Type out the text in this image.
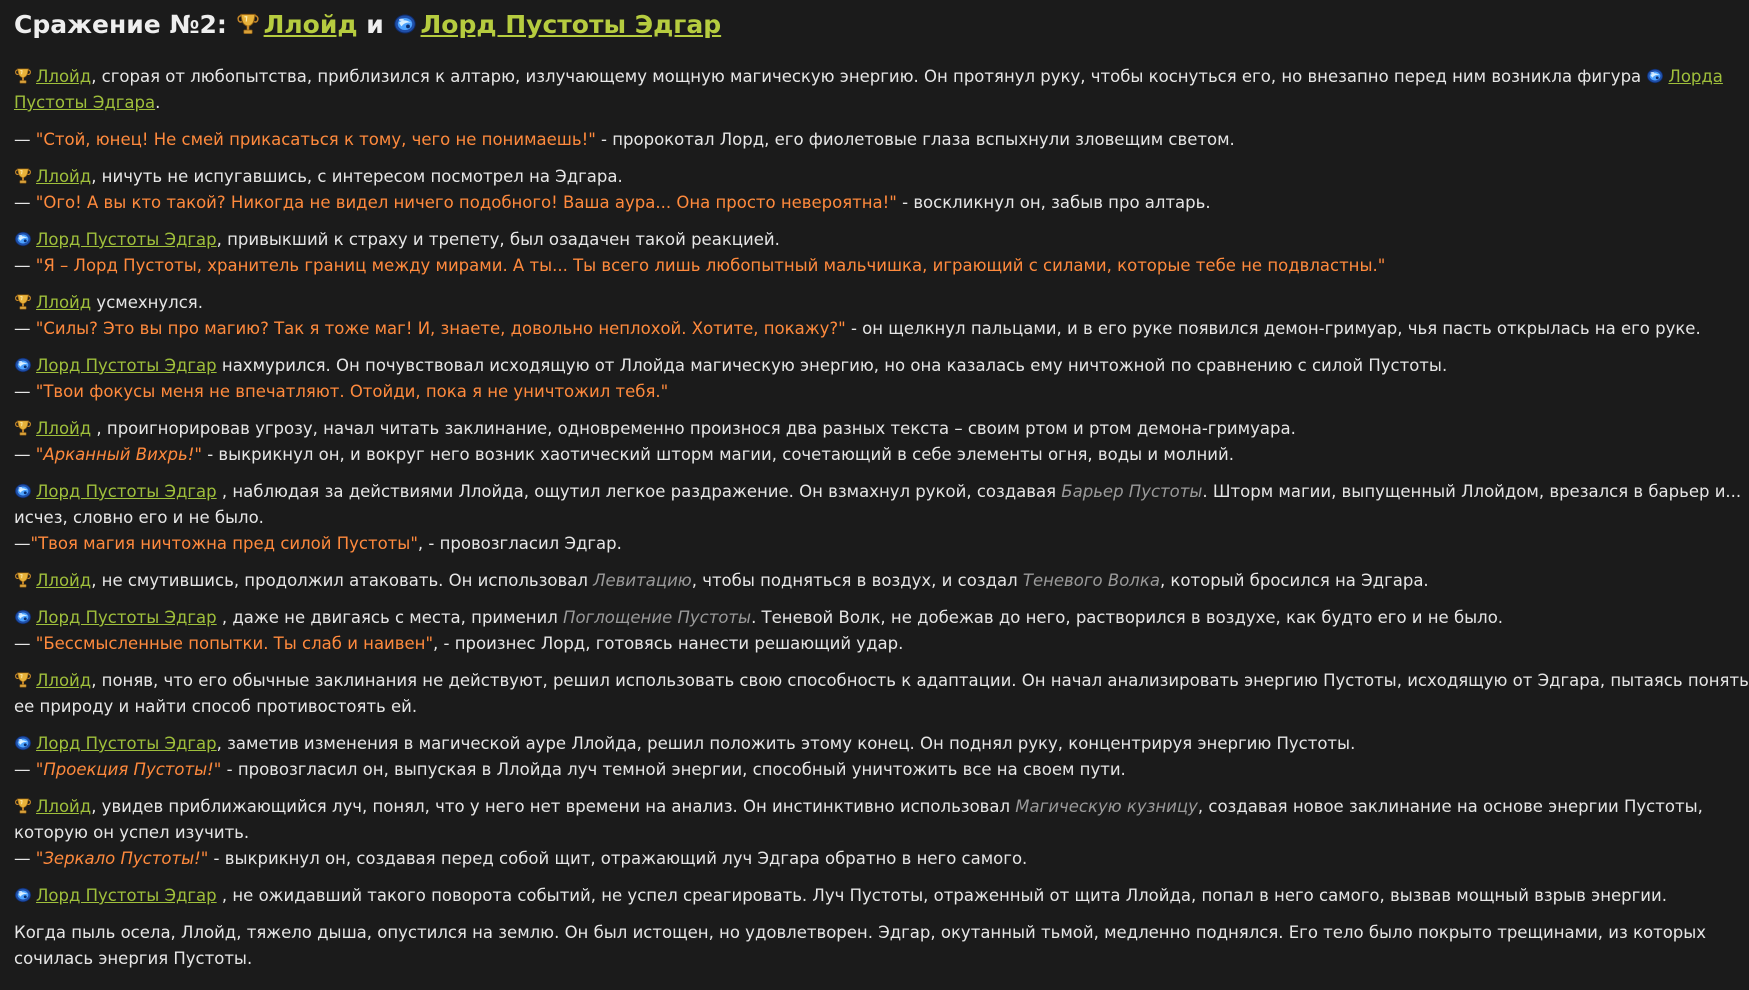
Сражение №2: Ллойд и Лорд Пустоты Эдгар
Ллойд, сгорая от любопытства, приблизился к алтарю, излучающему мощную магическую энергию. Он протянул руку, чтобы коснуться его, но внезапно перед ним возникла фигура Лорда
Пустоты Эдгара.
— "Стой, юнец! Не смей прикасаться к тому, чего не понимаешь!" - пророкотал Лорд, его фиолетовые глаза вспыхнули зловещим светом.
Ллойд, ничуть не испугавшись, с интересом посмотрел на Эдгара.
— "Ого! А вы кто такой? Никогда не видел ничего подобного! Ваша аура... Она просто невероятна!" - воскликнул он, забыв про алтарь.
Лорд Пустоты Эдгар, привыкший к страху и трепету, был озадачен такой реакцией.
— "Я – Лорд Пустоты, хранитель границ между мирами. А ты... Ты всего лишь любопытный мальчишка, играющий с силами, которые тебе не подвластны."
Ллойд усмехнулся.
— "Силы? Это вы про магию? Так я тоже маг! И, знаете, довольно неплохой. Хотите, покажу?" - он щелкнул пальцами, и в его руке появился демон-гримуар, чья пасть открылась на его руке.
Лорд Пустоты Эдгар нахмурился. Он почувствовал исходящую от Ллойда магическую энергию, но она казалась ему ничтожной по сравнению с силой Пустоты.
— "Твои фокусы меня не впечатляют. Отойди, пока я не уничтожил тебя."
Ллойд , проигнорировав угрозу, начал читать заклинание, одновременно произнося два разных текста – своим ртом и ртом демона-гримуара.
— "Арканный Вихрь!" - выкрикнул он, и вокруг него возник хаотический шторм магии, сочетающий в себе элементы огня, воды и молний.
Лорд Пустоты Эдгар , наблюдая за действиями Ллойда, ощутил легкое раздражение. Он взмахнул рукой, создавая Барьер Пустоты. Шторм магии, выпущенный Ллойдом, врезался в барьер и...
исчез, словно его и не было.
—"Твоя магия ничтожна пред силой Пустоты", - провозгласил Эдгар.
Ллойд, не смутившись, продолжил атаковать. Он использовал Левитацию, чтобы подняться в воздух, и создал Теневого Волка, который бросился на Эдгара.
Лорд Пустоты Эдгар , даже не двигаясь с места, применил Поглощение Пустоты. Теневой Волк, не добежав до него, растворился в воздухе, как будто его и не было.
— "Бессмысленные попытки. Ты слаб и наивен", - произнес Лорд, готовясь нанести решающий удар.
Ллойд, поняв, что его обычные заклинания не действуют, решил использовать свою способность к адаптации. Он начал анализировать энергию Пустоты, исходящую от Эдгара, пытаясь понять
ее природу и найти способ противостоять ей.
Лорд Пустоты Эдгар, заметив изменения в магической ауре Ллойда, решил положить этому конец. Он поднял руку, концентрируя энергию Пустоты.
— "Проекция Пустоты!" - провозгласил он, выпуская в Ллойда луч темной энергии, способный уничтожить все на своем пути.
Ллойд, увидев приближающийся луч, понял, что у него нет времени на анализ. Он инстинктивно использовал Магическую кузницу, создавая новое заклинание на основе энергии Пустоты,
которую он успел изучить.
— "Зеркало Пустоты!" - выкрикнул он, создавая перед собой щит, отражающий луч Эдгара обратно в него самого.
Лорд Пустоты Эдгар , не ожидавший такого поворота событий, не успел среагировать. Луч Пустоты, отраженный от щита Ллойда, попал в него самого, вызвав мощный взрыв энергии.
Когда пыль осела, Ллойд, тяжело дыша, опустился на землю. Он был истощен, но удовлетворен. Эдгар, окутанный тьмой, медленно поднялся. Его тело было покрыто трещинами, из которых
сочилась энергия Пустоты.
